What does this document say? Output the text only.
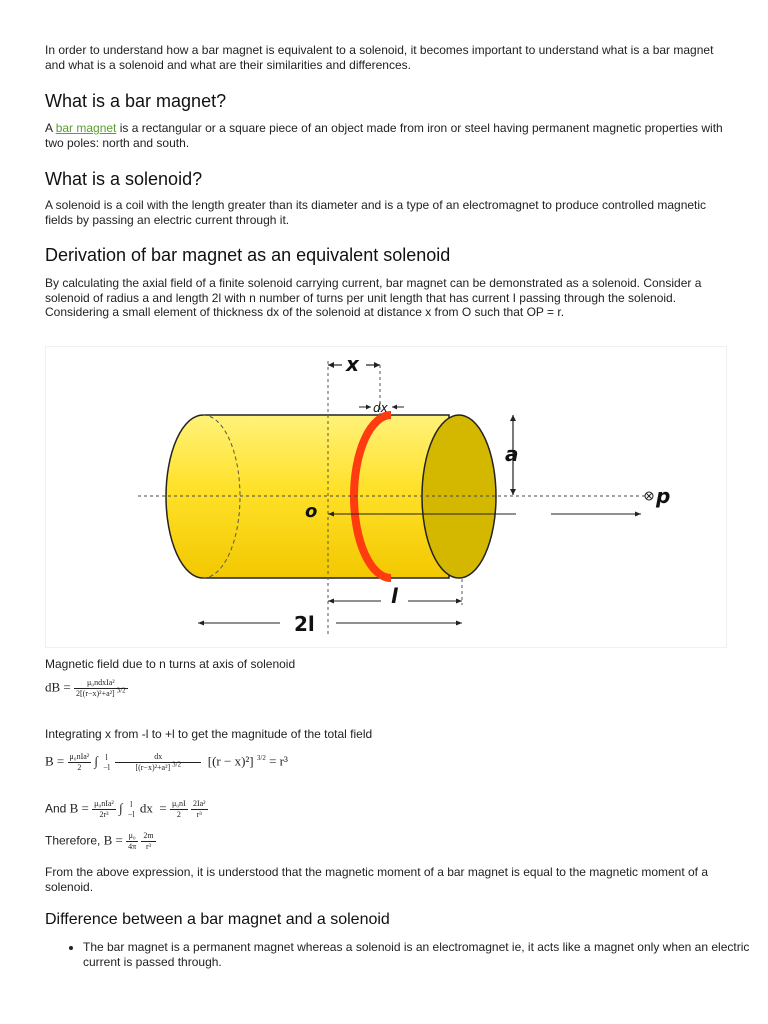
In order to understand how a bar magnet is equivalent to a solenoid, it becomes important to understand what is a bar magnet and what is a solenoid and what are their similarities and differences.

What is a bar magnet?

A bar magnet is a rectangular or a square piece of an object made from iron or steel having permanent magnetic properties with two poles: north and south.

What is a solenoid?

A solenoid is a coil with the length greater than its diameter and is a type of an electromagnet to produce controlled magnetic fields by passing an electric current through it.

Derivation of bar magnet as an equivalent solenoid

By calculating the axial field of a finite solenoid carrying current, bar magnet can be demonstrated as a solenoid. Consider a solenoid of radius a and length 2l with n number of turns per unit length that has current I passing through the solenoid. Considering a small element of thickness dx of the solenoid at distance x from O such that OP = r.

x
dx
a
o
p
l
2l

Magnetic field due to n turns at axis of solenoid

dB = $\frac{\text{μ₀ndxIa²}}{\text{2[(r−x)²+a²] 3/2}}$

Integrating x from -l to +l to get the magnitude of the total field

$B = \frac{\text{μ₀nIa²}}{2}$ ∫ l
−l
$\frac{dx}{\text{[(r−x)²+a²] 3/2}} [(r - x)^2] ^{3/2} = r^3$
And $B = \frac{\text{μ₀nIa²}}{\text{2r³}}$ ∫ l
−l dx = $\frac{\text{μ₀nI}}{2}$
$\frac{\text{2Ia²}}{\text{r³}}$
Therefore, $B = \frac{\text{μ₀}}{4\pi}$
$\frac{2m}{\text{r³}}$

From the above expression, it is understood that the magnetic moment of a bar magnet is equal to the magnetic moment of a solenoid.

Difference between a bar magnet and a solenoid
• The bar magnet is a permanent magnet whereas a solenoid is an electromagnet ie, it acts like a magnet only when an electric current is passed through.
